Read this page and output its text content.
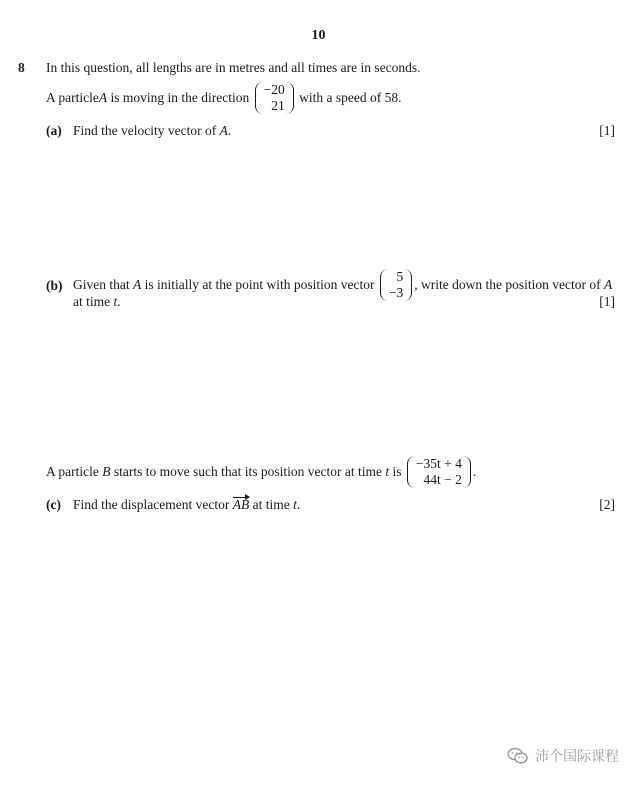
10
8 In this question, all lengths are in metres and all times are in seconds.
A particle A is moving in the direction
−20
21
with a speed of 58.
(a) Find the velocity vector of A.	[1]
(b) Given that A is initially at the point with position vector
5
−3
, write down the position vector of A
at time t.	[1]
A particle B starts to move such that its position vector at time t is
−35t + 4
44t − 2
.
(c) Find the displacement vector AB at time t.	[2]
沛个国际课程
